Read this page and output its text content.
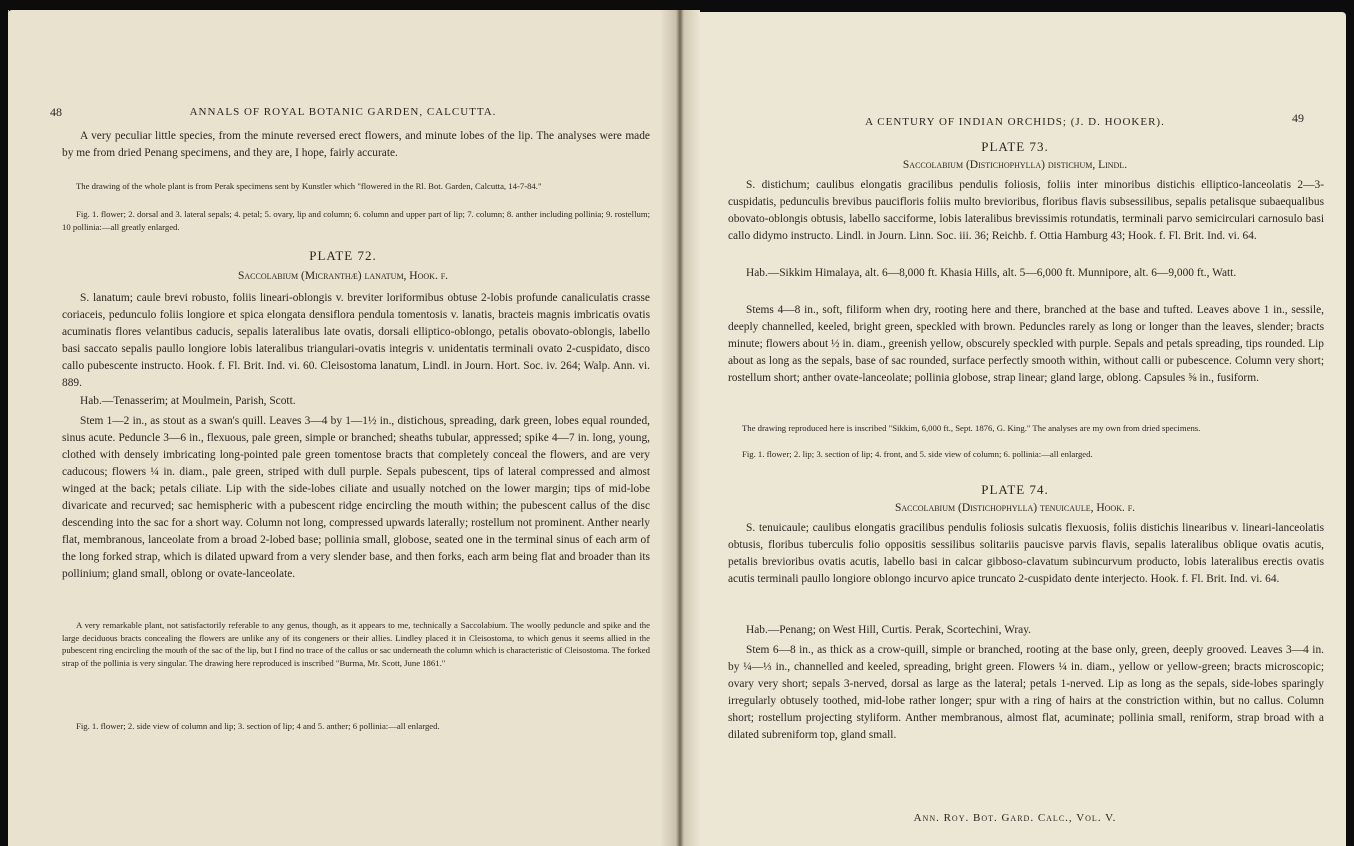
48	ANNALS OF ROYAL BOTANIC GARDEN, CALCUTTA.

A very peculiar little species, from the minute reversed erect flowers, and minute lobes of the lip. The analyses were made by me from dried Penang specimens, and they are, I hope, fairly accurate.

The drawing of the whole plant is from Perak specimens sent by Kunstler which "flowered in the Rl. Bot. Garden, Calcutta, 14-7-84."

Fig. 1. flower; 2. dorsal and 3. lateral sepals; 4. petal; 5. ovary, lip and column; 6. column and upper part of lip; 7. column; 8. anther including pollinia; 9. rostellum; 10 pollinia:—all greatly enlarged.

PLATE 72.
Saccolabium (Micranthæ) lanatum, Hook. f.

S. lanatum; caule brevi robusto, foliis lineari-oblongis v. breviter loriformibus obtuse 2-lobis profunde canaliculatis crasse coriaceis, pedunculo foliis longiore et spica elongata densiflora pendula tomentosis v. lanatis, bracteis magnis imbricatis ovatis acuminatis flores velantibus caducis, sepalis lateralibus late ovatis, dorsali elliptico-oblongo, petalis obovato-oblongis, labello basi saccato sepalis paullo longiore lobis lateralibus triangulari-ovatis integris v. unidentatis terminali ovato 2-cuspidato, disco callo pubescente instructo. Hook. f. Fl. Brit. Ind. vi. 60. Cleisostoma lanatum, Lindl. in Journ. Hort. Soc. iv. 264; Walp. Ann. vi. 889.

Hab.—Tenasserim; at Moulmein, Parish, Scott.

Stem 1—2 in., as stout as a swan's quill. Leaves 3—4 by 1—1½ in., distichous, spreading, dark green, lobes equal rounded, sinus acute. Peduncle 3—6 in., flexuous, pale green, simple or branched; sheaths tubular, appressed; spike 4—7 in. long, young, clothed with densely imbricating long-pointed pale green tomentose bracts that completely conceal the flowers, and are very caducous; flowers ¼ in. diam., pale green, striped with dull purple. Sepals pubescent, tips of lateral compressed and almost winged at the back; petals ciliate. Lip with the side-lobes ciliate and usually notched on the lower margin; tips of mid-lobe divaricate and recurved; sac hemispheric with a pubescent ridge encircling the mouth within; the pubescent callus of the disc descending into the sac for a short way. Column not long, compressed upwards laterally; rostellum not prominent. Anther nearly flat, membranous, lanceolate from a broad 2-lobed base; pollinia small, globose, seated one in the terminal sinus of each arm of the long forked strap, which is dilated upward from a very slender base, and then forks, each arm being flat and broader than its pollinium; gland small, oblong or ovate-lanceolate.

A very remarkable plant, not satisfactorily referable to any genus, though, as it appears to me, technically a Saccolabium. The woolly peduncle and spike and the large deciduous bracts concealing the flowers are unlike any of its congeners or their allies. Lindley placed it in Cleisostoma, to which genus it seems allied in the pubescent ring encircling the mouth of the sac of the lip, but I find no trace of the callus or sac underneath the column which is characteristic of Cleisostoma. The forked strap of the pollinia is very singular. The drawing here reproduced is inscribed "Burma, Mr. Scott, June 1861."

Fig. 1. flower; 2. side view of column and lip; 3. section of lip; 4 and 5. anther; 6 pollinia:—all enlarged.

A CENTURY OF INDIAN ORCHIDS; (J. D. HOOKER).	49
PLATE 73.
Saccolabium (Distichophylla) distichum, Lindl.

S. distichum; caulibus elongatis gracilibus pendulis foliosis, foliis inter minoribus distichis elliptico-lanceolatis 2—3-cuspidatis, pedunculis brevibus paucifloris foliis multo brevioribus, floribus flavis subsessilibus, sepalis petalisque subaequalibus obovato-oblongis obtusis, labello sacciforme, lobis lateralibus brevissimis rotundatis, terminali parvo semicirculari carnosulo basi callo didymo instructo. Lindl. in Journ. Linn. Soc. iii. 36; Reichb. f. Ottia Hamburg 43; Hook. f. Fl. Brit. Ind. vi. 64.

Hab.—Sikkim Himalaya, alt. 6—8,000 ft. Khasia Hills, alt. 5—6,000 ft. Munnipore, alt. 6—9,000 ft., Watt.

Stems 4—8 in., soft, filiform when dry, rooting here and there, branched at the base and tufted. Leaves above 1 in., sessile, deeply channelled, keeled, bright green, speckled with brown. Peduncles rarely as long or longer than the leaves, slender; bracts minute; flowers about ½ in. diam., greenish yellow, obscurely speckled with purple. Sepals and petals spreading, tips rounded. Lip about as long as the sepals, base of sac rounded, surface perfectly smooth within, without calli or pubescence. Column very short; rostellum short; anther ovate-lanceolate; pollinia globose, strap linear; gland large, oblong. Capsules ⅝ in., fusiform.

The drawing reproduced here is inscribed "Sikkim, 6,000 ft., Sept. 1876, G. King." The analyses are my own from dried specimens.

Fig. 1. flower; 2. lip; 3. section of lip; 4. front, and 5. side view of column; 6. pollinia:—all enlarged.

PLATE 74.
Saccolabium (Distichophylla) tenuicaule, Hook. f.

S. tenuicaule; caulibus elongatis gracilibus pendulis foliosis sulcatis flexuosis, foliis distichis linearibus v. lineari-lanceolatis obtusis, floribus tuberculis folio oppositis sessilibus solitariis paucisve parvis flavis, sepalis lateralibus oblique ovatis acutis, petalis brevioribus ovatis acutis, labello basi in calcar gibboso-clavatum subincurvum producto, lobis lateralibus erectis ovatis acutis terminali paullo longiore oblongo incurvo apice truncato 2-cuspidato dente interjecto. Hook. f. Fl. Brit. Ind. vi. 64.

Hab.—Penang; on West Hill, Curtis. Perak, Scortechini, Wray.

Stem 6—8 in., as thick as a crow-quill, simple or branched, rooting at the base only, green, deeply grooved. Leaves 3—4 in. by ¼—⅓ in., channelled and keeled, spreading, bright green. Flowers ¼ in. diam., yellow or yellow-green; bracts microscopic; ovary very short; sepals 3-nerved, dorsal as large as the lateral; petals 1-nerved. Lip as long as the sepals, side-lobes sparingly irregularly obtusely toothed, mid-lobe rather longer; spur with a ring of hairs at the constriction within, but no callus. Column short; rostellum projecting styliform. Anther membranous, almost flat, acuminate; pollinia small, reniform, strap broad with a dilated subreniform top, gland small.

Ann. Roy. Bot. Gard. Calc., Vol. V.
